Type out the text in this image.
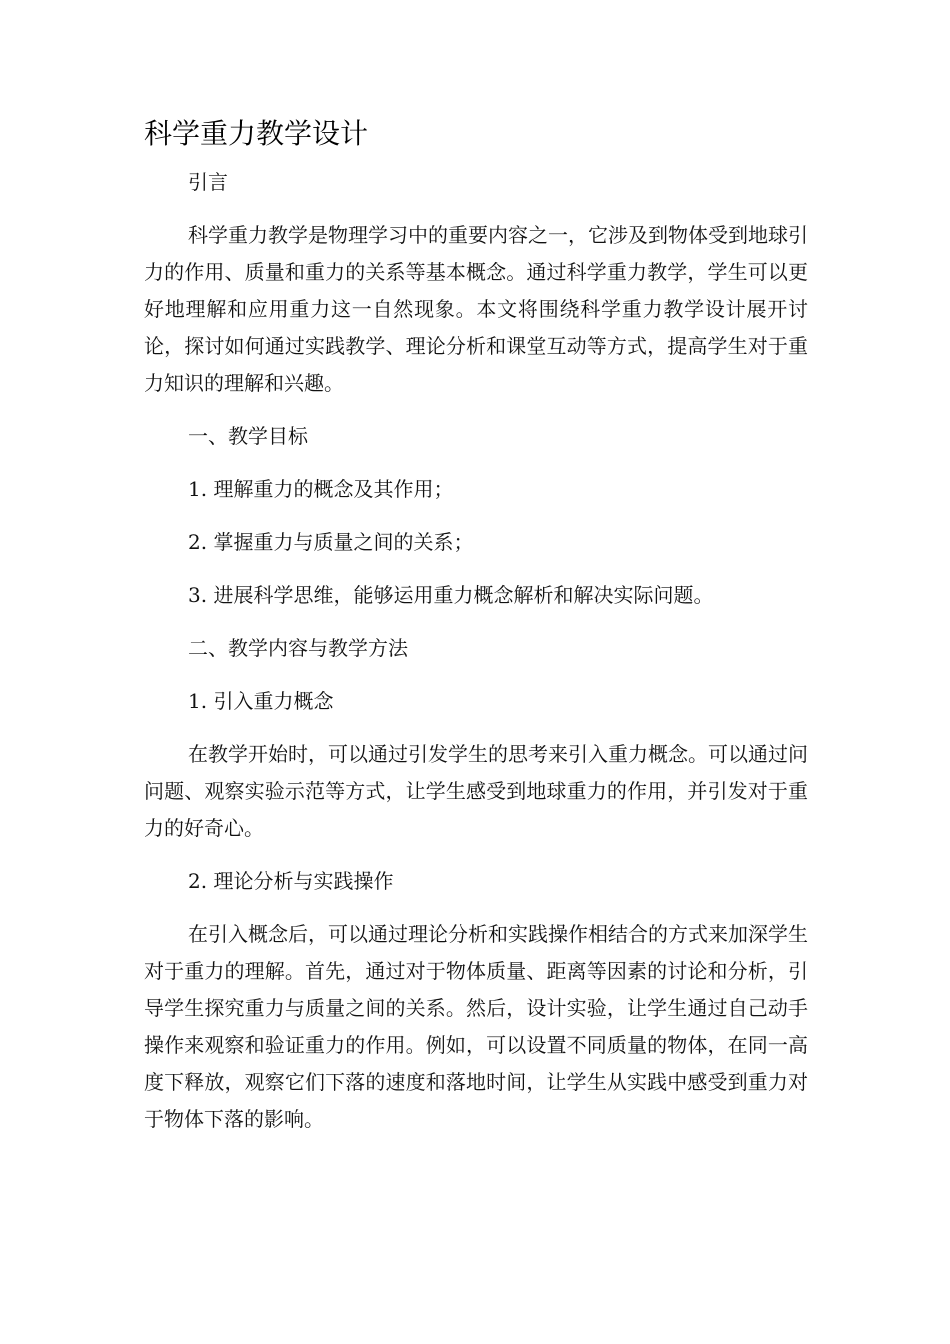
科学重力教学设计

引言

科学重力教学是物理学习中的重要内容之一，它涉及到物体受到地球引力的作用、质量和重力的关系等基本概念。通过科学重力教学，学生可以更好地理解和应用重力这一自然现象。本文将围绕科学重力教学设计展开讨论，探讨如何通过实践教学、理论分析和课堂互动等方式，提高学生对于重力知识的理解和兴趣。

一、教学目标

1. 理解重力的概念及其作用；

2. 掌握重力与质量之间的关系；

3. 进展科学思维，能够运用重力概念解析和解决实际问题。

二、教学内容与教学方法

1. 引入重力概念

在教学开始时，可以通过引发学生的思考来引入重力概念。可以通过问问题、观察实验示范等方式，让学生感受到地球重力的作用，并引发对于重力的好奇心。

2. 理论分析与实践操作

在引入概念后，可以通过理论分析和实践操作相结合的方式来加深学生对于重力的理解。首先，通过对于物体质量、距离等因素的讨论和分析，引导学生探究重力与质量之间的关系。然后，设计实验，让学生通过自己动手操作来观察和验证重力的作用。例如，可以设置不同质量的物体，在同一高度下释放，观察它们下落的速度和落地时间，让学生从实践中感受到重力对于物体下落的影响。
